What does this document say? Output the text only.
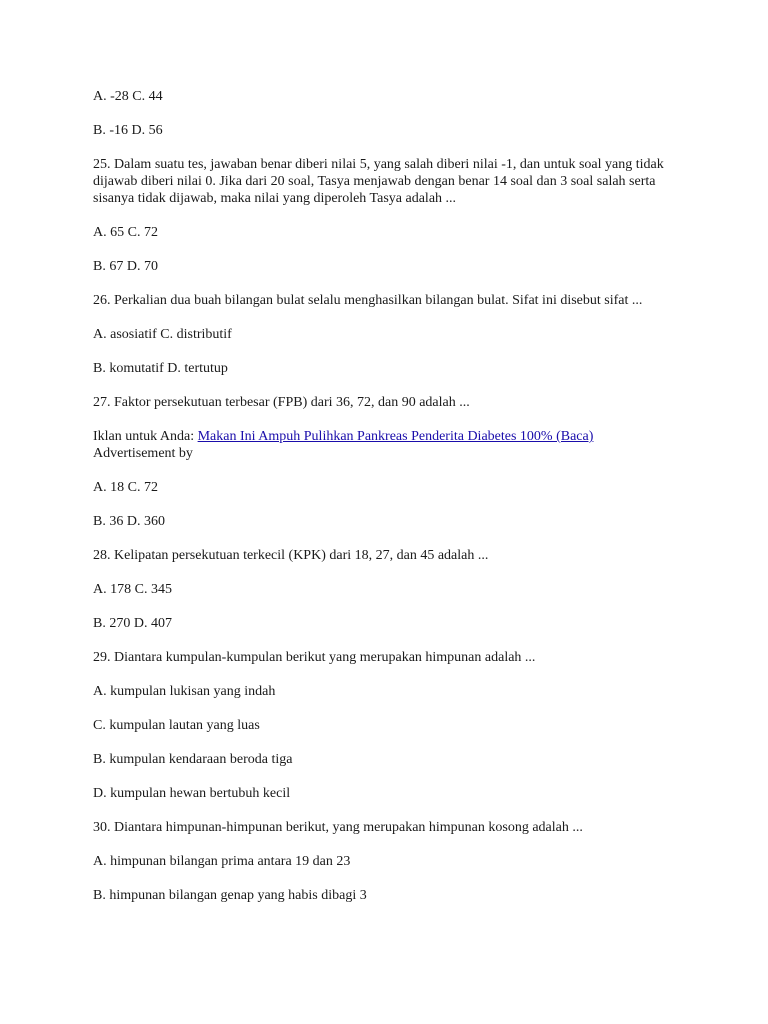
A. -28 C. 44

B. -16 D. 56

25. Dalam suatu tes, jawaban benar diberi nilai 5, yang salah diberi nilai -1, dan untuk soal yang tidak dijawab diberi nilai 0. Jika dari 20 soal, Tasya menjawab dengan benar 14 soal dan 3 soal salah serta sisanya tidak dijawab, maka nilai yang diperoleh Tasya adalah ...

A. 65 C. 72

B. 67 D. 70

26. Perkalian dua buah bilangan bulat selalu menghasilkan bilangan bulat. Sifat ini disebut sifat ...

A. asosiatif C. distributif

B. komutatif D. tertutup

27. Faktor persekutuan terbesar (FPB) dari 36, 72, dan 90 adalah ...

Iklan untuk Anda: Makan Ini Ampuh Pulihkan Pankreas Penderita Diabetes 100% (Baca)
Advertisement by

A. 18 C. 72

B. 36 D. 360

28. Kelipatan persekutuan terkecil (KPK) dari 18, 27, dan 45 adalah ...

A. 178 C. 345

B. 270 D. 407

29. Diantara kumpulan-kumpulan berikut yang merupakan himpunan adalah ...

A. kumpulan lukisan yang indah

C. kumpulan lautan yang luas

B. kumpulan kendaraan beroda tiga

D. kumpulan hewan bertubuh kecil

30. Diantara himpunan-himpunan berikut, yang merupakan himpunan kosong adalah ...

A. himpunan bilangan prima antara 19 dan 23

B. himpunan bilangan genap yang habis dibagi 3
